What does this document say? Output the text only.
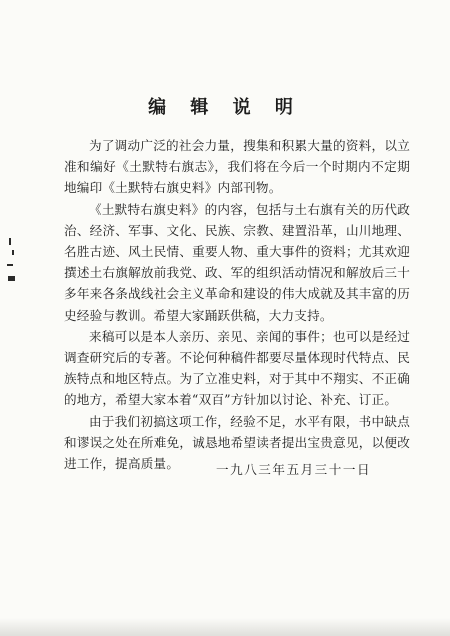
编 辑 说 明

为了调动广泛的社会力量，搜集和积累大量的资料，以立准和编好《土默特右旗志》，我们将在今后一个时期内不定期地编印《土默特右旗史料》内部刊物。

《土默特右旗史料》的内容，包括与土右旗有关的历代政治、经济、军事、文化、民族、宗教、建置沿革，山川地理、名胜古迹、风土民情、重要人物、重大事件的资料；尤其欢迎撰述土右旗解放前我党、政、军的组织活动情况和解放后三十多年来各条战线社会主义革命和建设的伟大成就及其丰富的历史经验与教训。希望大家踊跃供稿，大力支持。

来稿可以是本人亲历、亲见、亲闻的事件；也可以是经过调查研究后的专著。不论何种稿件都要尽量体现时代特点、民族特点和地区特点。为了立准史料，对于其中不翔实、不正确的地方，希望大家本着“双百”方针加以讨论、补充、订正。

由于我们初搞这项工作，经验不足，水平有限，书中缺点和谬误之处在所难免，诚恳地希望读者提出宝贵意见，以便改进工作，提高质量。	一九八三年五月三十一日
